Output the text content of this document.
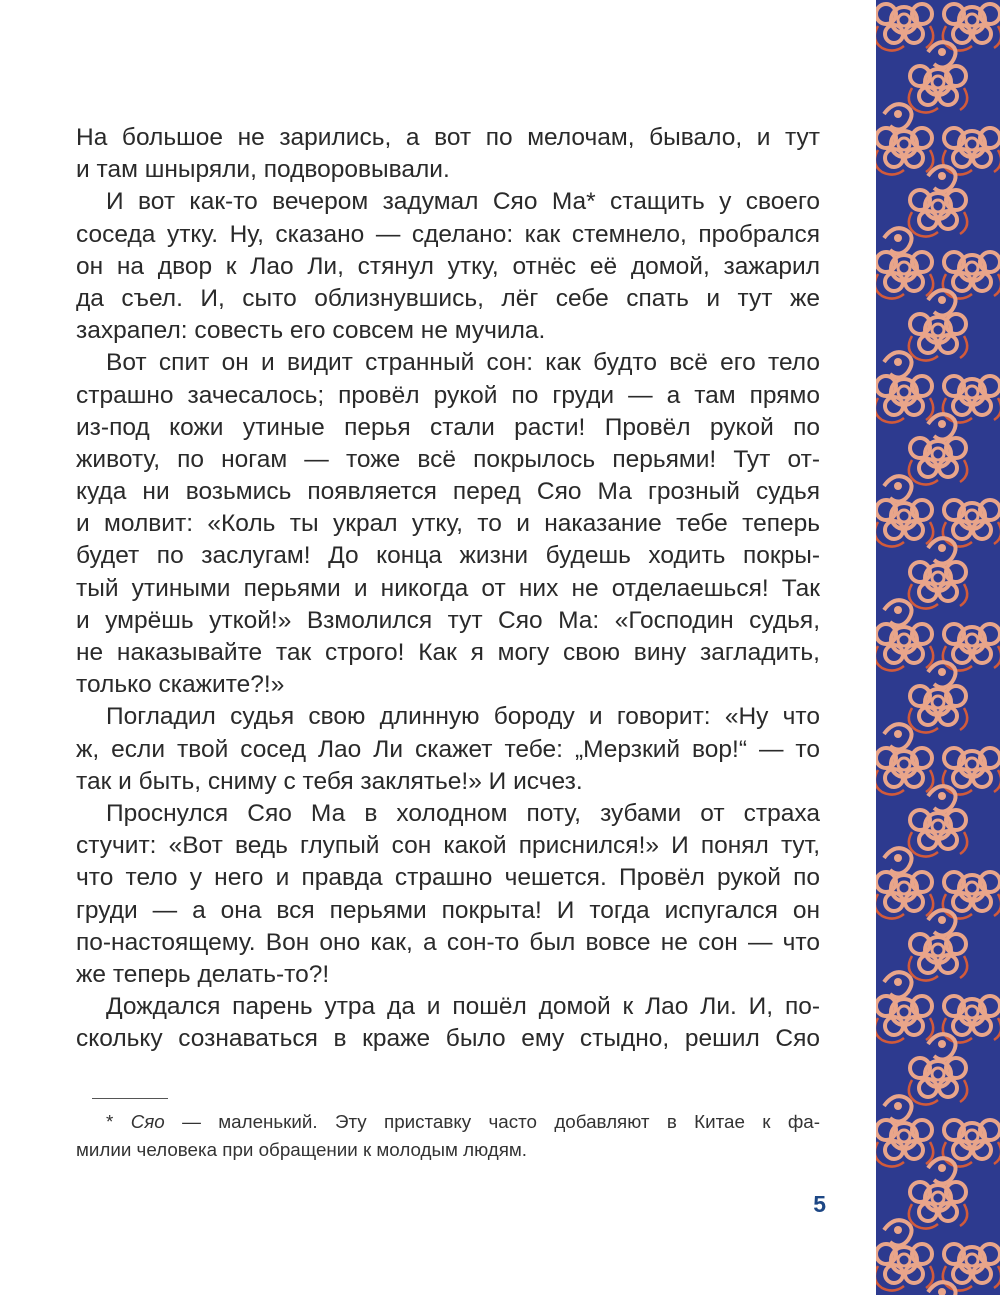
На большое не зарились, а вот по мелочам, бывало, и тут
и там шныряли, подворовывали.
И вот как-то вечером задумал Сяо Ма* стащить у своего
соседа утку. Ну, сказано — сделано: как стемнело, пробрался
он на двор к Лао Ли, стянул утку, отнёс её домой, зажарил
да съел. И, сыто облизнувшись, лёг себе спать и тут же
захрапел: совесть его совсем не мучила.
Вот спит он и видит странный сон: как будто всё его тело
страшно зачесалось; провёл рукой по груди — а там прямо
из-под кожи утиные перья стали расти! Провёл рукой по
животу, по ногам — тоже всё покрылось перьями! Тут от-
куда ни возьмись появляется перед Сяо Ма грозный судья
и молвит: «Коль ты украл утку, то и наказание тебе теперь
будет по заслугам! До конца жизни будешь ходить покры-
тый утиными перьями и никогда от них не отделаешься! Так
и умрёшь уткой!» Взмолился тут Сяо Ма: «Господин судья,
не наказывайте так строго! Как я могу свою вину загладить,
только скажите?!»
Погладил судья свою длинную бороду и говорит: «Ну что
ж, если твой сосед Лао Ли скажет тебе: „Мерзкий вор!“ — то
так и быть, сниму с тебя заклятье!» И исчез.
Проснулся Сяо Ма в холодном поту, зубами от страха
стучит: «Вот ведь глупый сон какой приснился!» И понял тут,
что тело у него и правда страшно чешется. Провёл рукой по
груди — а она вся перьями покрыта! И тогда испугался он
по-настоящему. Вон оно как, а сон-то был вовсе не сон — что
же теперь делать-то?!
Дождался парень утра да и пошёл домой к Лао Ли. И, по-
скольку сознаваться в краже было ему стыдно, решил Сяо
* Сяо — маленький. Эту приставку часто добавляют в Китае к фа-
милии человека при обращении к молодым людям.
5
